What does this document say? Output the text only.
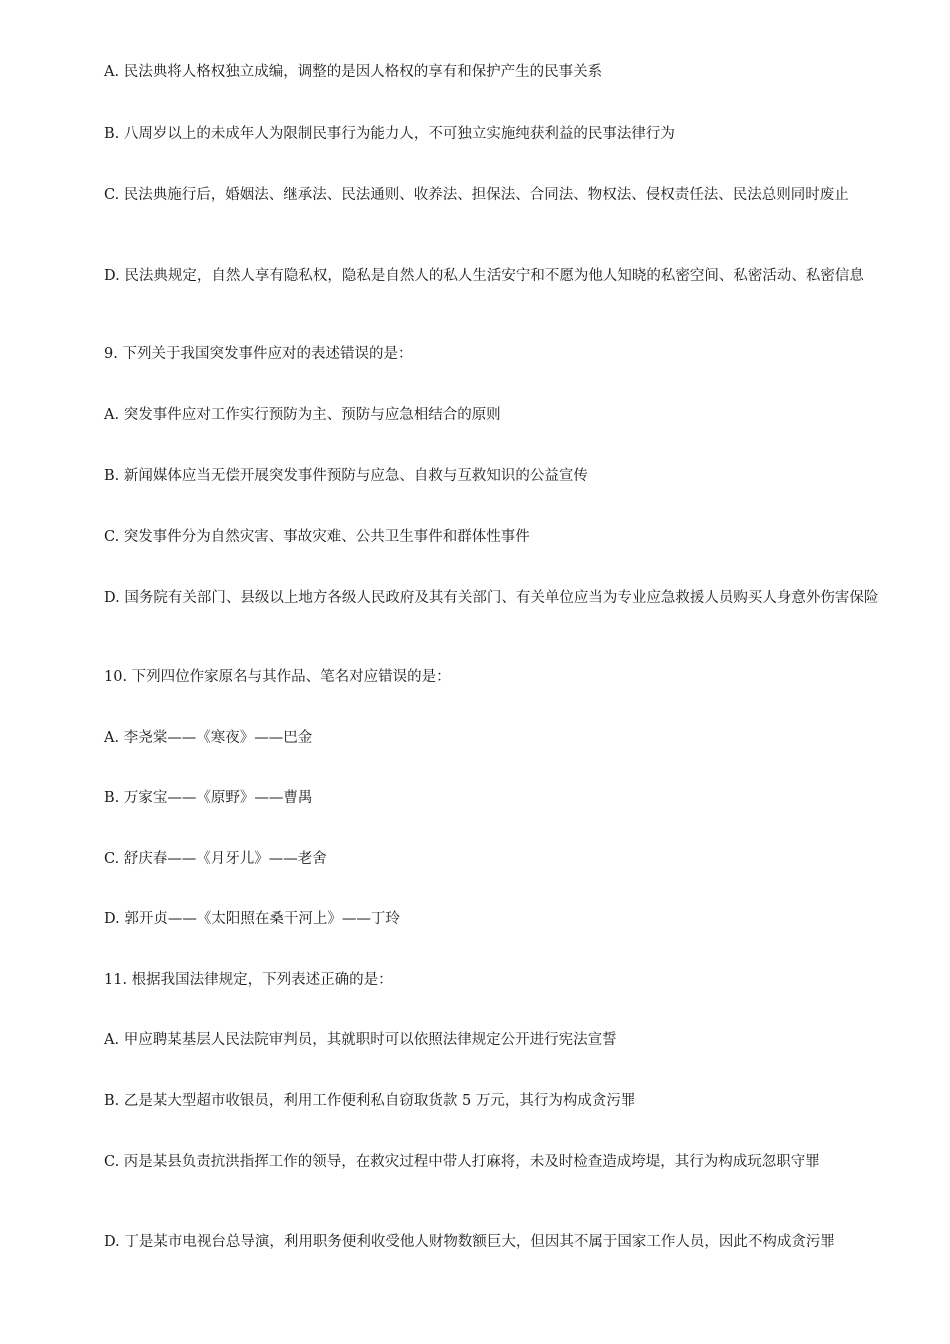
A. 民法典将人格权独立成编，调整的是因人格权的享有和保护产生的民事关系
B. 八周岁以上的未成年人为限制民事行为能力人，不可独立实施纯获利益的民事法律行为
C. 民法典施行后，婚姻法、继承法、民法通则、收养法、担保法、合同法、物权法、侵权责任法、民法总则同时废止
D. 民法典规定，自然人享有隐私权，隐私是自然人的私人生活安宁和不愿为他人知晓的私密空间、私密活动、私密信息
9. 下列关于我国突发事件应对的表述错误的是：
A. 突发事件应对工作实行预防为主、预防与应急相结合的原则
B. 新闻媒体应当无偿开展突发事件预防与应急、自救与互救知识的公益宣传
C. 突发事件分为自然灾害、事故灾难、公共卫生事件和群体性事件
D. 国务院有关部门、县级以上地方各级人民政府及其有关部门、有关单位应当为专业应急救援人员购买人身意外伤害保险
10. 下列四位作家原名与其作品、笔名对应错误的是：
A. 李尧棠——《寒夜》——巴金
B. 万家宝——《原野》——曹禺
C. 舒庆春——《月牙儿》——老舍
D. 郭开贞——《太阳照在桑干河上》——丁玲
11. 根据我国法律规定，下列表述正确的是：
A. 甲应聘某基层人民法院审判员，其就职时可以依照法律规定公开进行宪法宣誓
B. 乙是某大型超市收银员，利用工作便利私自窃取货款 5 万元，其行为构成贪污罪
C. 丙是某县负责抗洪指挥工作的领导，在救灾过程中带人打麻将，未及时检查造成垮堤，其行为构成玩忽职守罪
D. 丁是某市电视台总导演，利用职务便利收受他人财物数额巨大，但因其不属于国家工作人员，因此不构成贪污罪
